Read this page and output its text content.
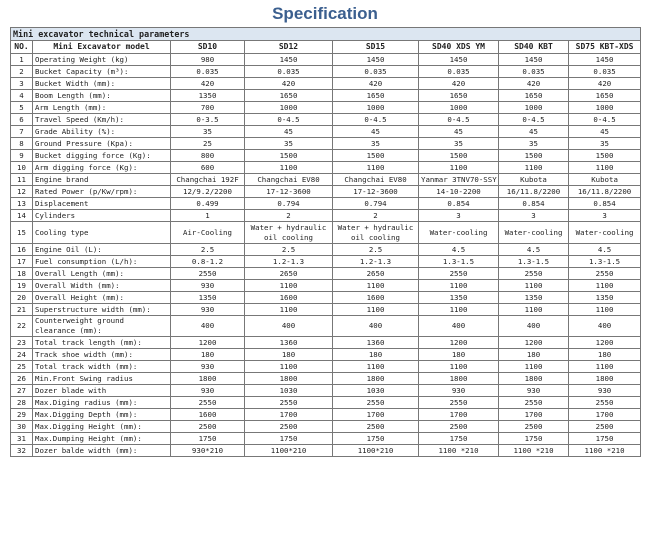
Specification
Mini excavator technical parameters							
NO.	Mini Excavator model	SD10	SD12	SD15	SD40 XDS YM	SD40 KBT	SD75 KBT-XDS
1	Operating Weight (kg)	980	1450	1450	1450	1450	1450
2	Bucket Capacity (m³):	0.035	0.035	0.035	0.035	0.035	0.035
3	Bucket Width (mm):	420	420	420	420	420	420
4	Boom Length (mm):	1350	1650	1650	1650	1650	1650
5	Arm Length (mm):	700	1000	1000	1000	1000	1000
6	Travel Speed (Km/h):	0-3.5	0-4.5	0-4.5	0-4.5	0-4.5	0-4.5
7	Grade Ability (%):	35	45	45	45	45	45
8	Ground Pressure (Kpa):	25	35	35	35	35	35
9	Bucket digging force (Kg):	800	1500	1500	1500	1500	1500
10	Arm digging force (Kg):	600	1100	1100	1100	1100	1100
11	Engine brand	Changchai 192F	Changchai EV80	Changchai EV80	Yanmar 3TNV70-SSY	Kubota	Kubota
12	Rated Power (p/Kw/rpm):	12/9.2/2200	17-12-3600	17-12-3600	14-10-2200	16/11.8/2200	16/11.8/2200
13	Displacement	0.499	0.794	0.794	0.854	0.854	0.854
14	Cylinders	1	2	2	3	3	3
15	Cooling type	Air-Cooling	Water + hydraulic oil cooling	Water + hydraulic oil cooling	Water-cooling	Water-cooling	Water-cooling
16	Engine Oil (L):	2.5	2.5	2.5	4.5	4.5	4.5
17	Fuel consumption (L/h):	0.8-1.2	1.2-1.3	1.2-1.3	1.3-1.5	1.3-1.5	1.3-1.5
18	Overall Length (mm):	2550	2650	2650	2550	2550	2550
19	Overall Width (mm):	930	1100	1100	1100	1100	1100
20	Overall Height (mm):	1350	1600	1600	1350	1350	1350
21	Superstructure width (mm):	930	1100	1100	1100	1100	1100
22	Counterweight ground clearance (mm):	400	400	400	400	400	400
23	Total track length (mm):	1200	1360	1360	1200	1200	1200
24	Track shoe width (mm):	180	180	180	180	180	180
25	Total track width (mm):	930	1100	1100	1100	1100	1100
26	Min.Front Swing radius	1800	1800	1800	1800	1800	1800
27	Dozer blade with	930	1030	1030	930	930	930
28	Max.Diging radius (mm):	2550	2550	2550	2550	2550	2550
29	Max.Digging Depth (mm):	1600	1700	1700	1700	1700	1700
30	Max.Digging Height (mm):	2500	2500	2500	2500	2500	2500
31	Max.Dumping Height (mm):	1750	1750	1750	1750	1750	1750
32	Dozer balde width (mm):	930*210	1100*210	1100*210	1100 *210	1100 *210	1100 *210
